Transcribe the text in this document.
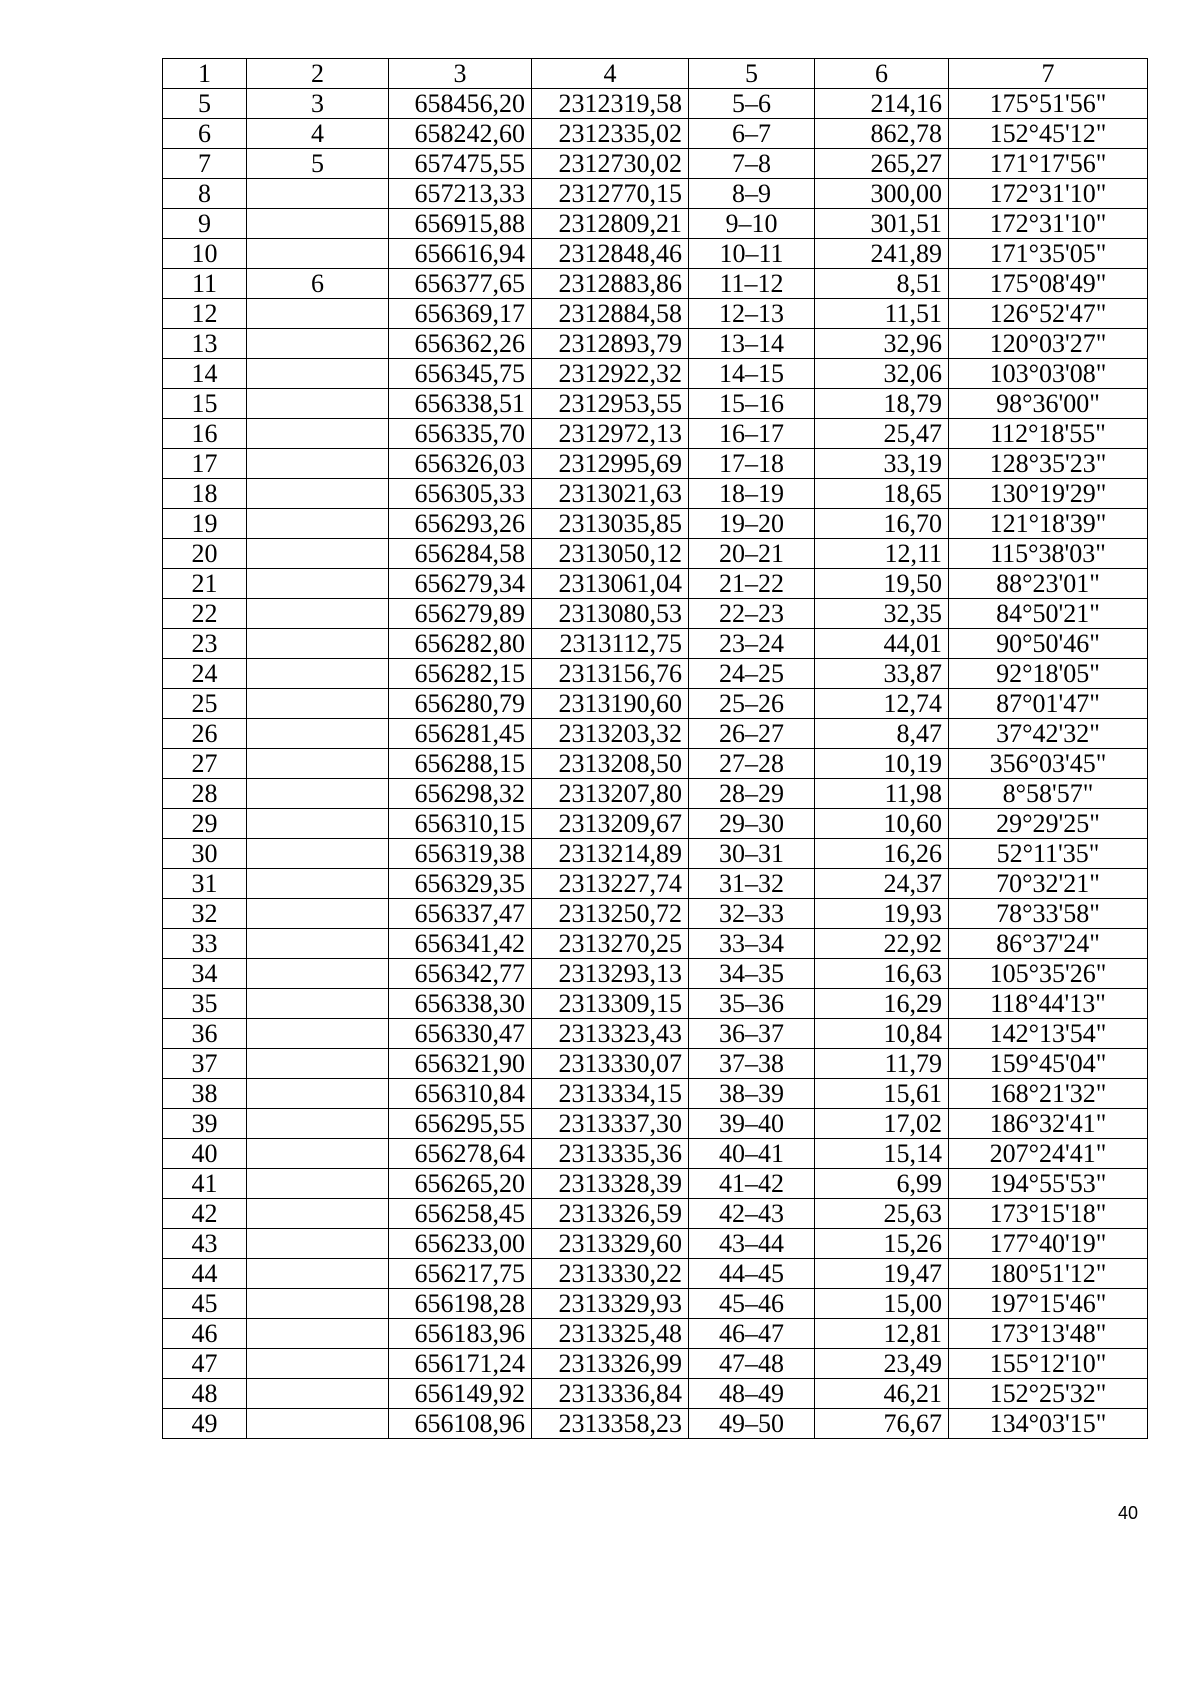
1	2	3	4	5	6	7
5	3	658456,20	2312319,58	5–6	214,16	175°51'56"
6	4	658242,60	2312335,02	6–7	862,78	152°45'12"
7	5	657475,55	2312730,02	7–8	265,27	171°17'56"
8		657213,33	2312770,15	8–9	300,00	172°31'10"
9		656915,88	2312809,21	9–10	301,51	172°31'10"
10		656616,94	2312848,46	10–11	241,89	171°35'05"
11	6	656377,65	2312883,86	11–12	8,51	175°08'49"
12		656369,17	2312884,58	12–13	11,51	126°52'47"
13		656362,26	2312893,79	13–14	32,96	120°03'27"
14		656345,75	2312922,32	14–15	32,06	103°03'08"
15		656338,51	2312953,55	15–16	18,79	98°36'00"
16		656335,70	2312972,13	16–17	25,47	112°18'55"
17		656326,03	2312995,69	17–18	33,19	128°35'23"
18		656305,33	2313021,63	18–19	18,65	130°19'29"
19		656293,26	2313035,85	19–20	16,70	121°18'39"
20		656284,58	2313050,12	20–21	12,11	115°38'03"
21		656279,34	2313061,04	21–22	19,50	88°23'01"
22		656279,89	2313080,53	22–23	32,35	84°50'21"
23		656282,80	2313112,75	23–24	44,01	90°50'46"
24		656282,15	2313156,76	24–25	33,87	92°18'05"
25		656280,79	2313190,60	25–26	12,74	87°01'47"
26		656281,45	2313203,32	26–27	8,47	37°42'32"
27		656288,15	2313208,50	27–28	10,19	356°03'45"
28		656298,32	2313207,80	28–29	11,98	8°58'57"
29		656310,15	2313209,67	29–30	10,60	29°29'25"
30		656319,38	2313214,89	30–31	16,26	52°11'35"
31		656329,35	2313227,74	31–32	24,37	70°32'21"
32		656337,47	2313250,72	32–33	19,93	78°33'58"
33		656341,42	2313270,25	33–34	22,92	86°37'24"
34		656342,77	2313293,13	34–35	16,63	105°35'26"
35		656338,30	2313309,15	35–36	16,29	118°44'13"
36		656330,47	2313323,43	36–37	10,84	142°13'54"
37		656321,90	2313330,07	37–38	11,79	159°45'04"
38		656310,84	2313334,15	38–39	15,61	168°21'32"
39		656295,55	2313337,30	39–40	17,02	186°32'41"
40		656278,64	2313335,36	40–41	15,14	207°24'41"
41		656265,20	2313328,39	41–42	6,99	194°55'53"
42		656258,45	2313326,59	42–43	25,63	173°15'18"
43		656233,00	2313329,60	43–44	15,26	177°40'19"
44		656217,75	2313330,22	44–45	19,47	180°51'12"
45		656198,28	2313329,93	45–46	15,00	197°15'46"
46		656183,96	2313325,48	46–47	12,81	173°13'48"
47		656171,24	2313326,99	47–48	23,49	155°12'10"
48		656149,92	2313336,84	48–49	46,21	152°25'32"
49		656108,96	2313358,23	49–50	76,67	134°03'15"
40
